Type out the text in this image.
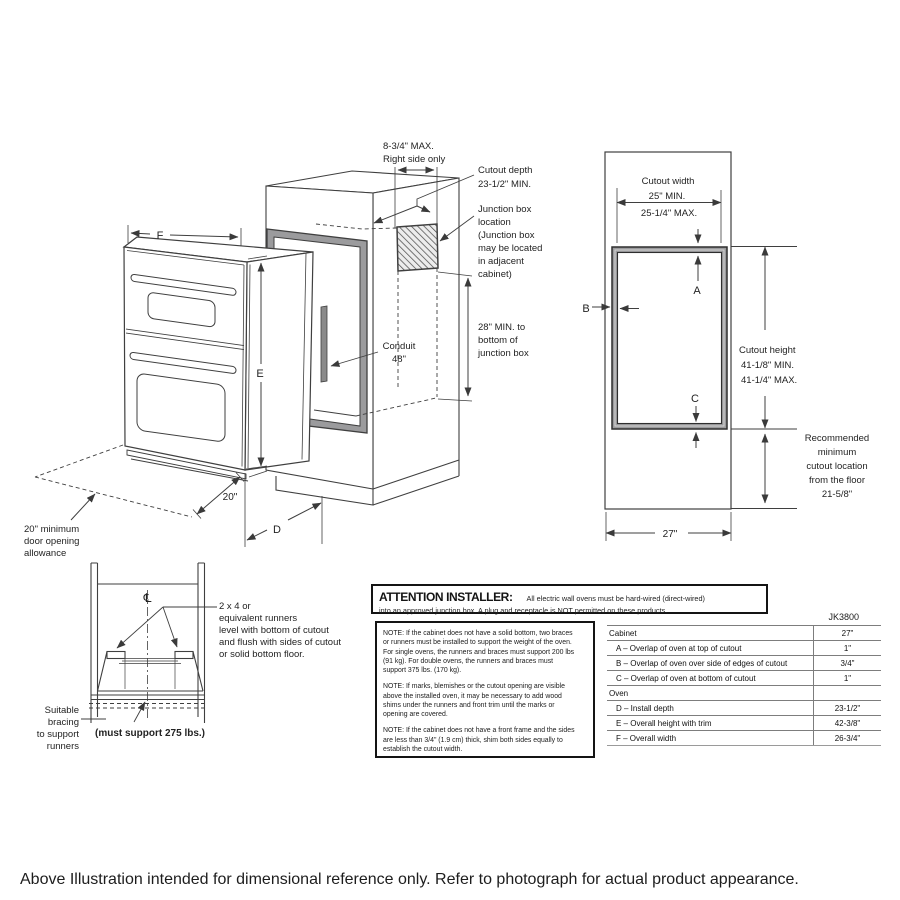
8-3/4" MAX.
Right side only
Cutout depth
23-1/2" MIN.
Junction box
location
(Junction box
may be located
in adjacent
cabinet)
28" MIN. to
bottom of
junction box
Conduit
48"
F
E
D
20"
20" minimum
door opening
allowance
℄
2 x 4 or
equivalent runners
level with bottom of cutout
and flush with sides of cutout
or solid bottom floor.
Suitable
bracing
to support
runners
(must support 275 lbs.)
Cutout width
25" MIN.
25-1/4" MAX.
A
B
C
Cutout height
41-1/8" MIN.
41-1/4" MAX.
Recommended
minimum
cutout location
from the floor
21-5/8"
27"
ATTENTION INSTALLER: All electric wall ovens must be hard-wired (direct-wired)
into an approved junction box. A plug and receptacle is NOT permitted on these products.

NOTE: If the cabinet does not have a solid bottom, two braces or runners must be installed to support the weight of the oven. For single ovens, the runners and braces must support 200 lbs (91 kg). For double ovens, the runners and braces must support 375 lbs. (170 kg).

NOTE: If marks, blemishes or the cutout opening are visible above the installed oven, it may be necessary to add wood shims under the runners and front trim until the marks or opening are covered.

NOTE: If the cabinet does not have a front frame and the sides are less than 3/4" (1.9 cm) thick, shim both sides equally to establish the cutout width.

JK3800
Cabinet	27"
A – Overlap of oven at top of cutout	1"
B – Overlap of oven over side of edges of cutout	3/4"
C – Overlap of oven at bottom of cutout	1"
Oven	
D – Install depth	23-1/2"
E – Overall height with trim	42-3/8"
F – Overall width	26-3/4"
Above Illustration intended for dimensional reference only. Refer to photograph for actual product appearance.
